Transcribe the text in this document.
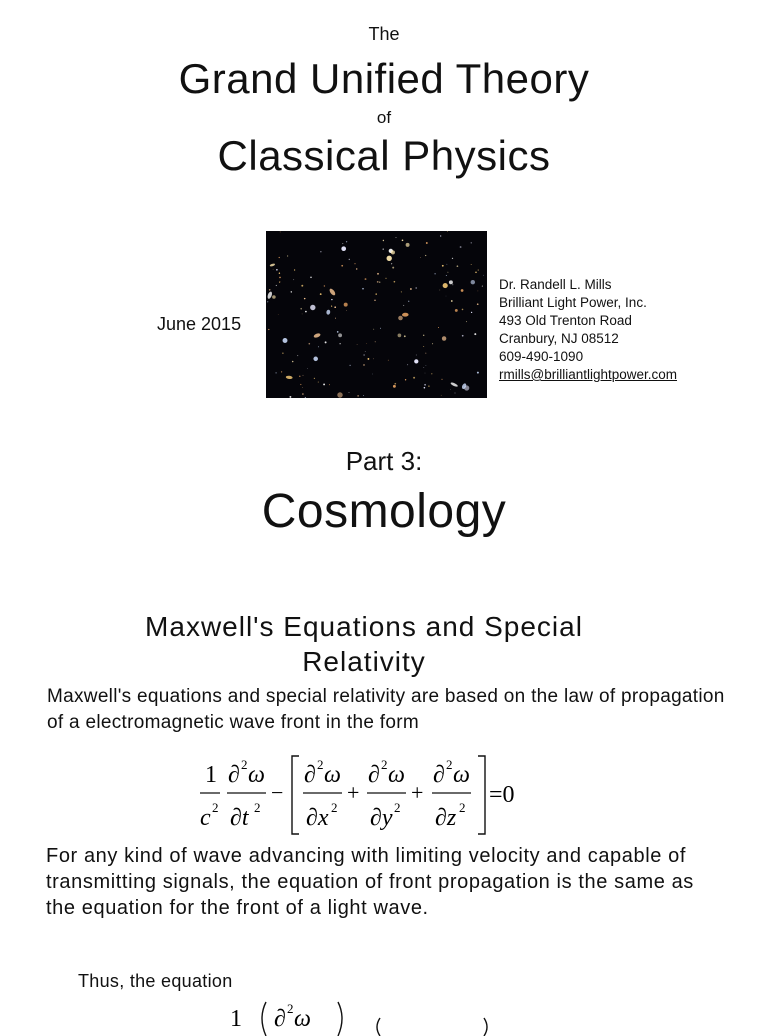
The
Grand Unified Theory
of
Classical Physics
June 2015
Dr. Randell L. Mills
Brilliant Light Power, Inc.
493 Old Trenton Road
Cranbury, NJ 08512
609-490-1090
rmills@brilliantlightpower.com
Part 3:
Cosmology
Maxwell's Equations and Special Relativity
Maxwell's equations and special relativity are based on the law of propagation of a electromagnetic wave front in the form
1
c 2
∂ 2 ω
∂t 2
−
∂ 2 ω
∂x 2
+
∂ 2 ω
∂y 2
+
∂ 2 ω
∂z 2 =0
For any kind of wave advancing with limiting velocity and capable of transmitting signals, the equation of front propagation is the same as the equation for the front of a light wave.
Thus, the equation
1 ∂ 2 ω
